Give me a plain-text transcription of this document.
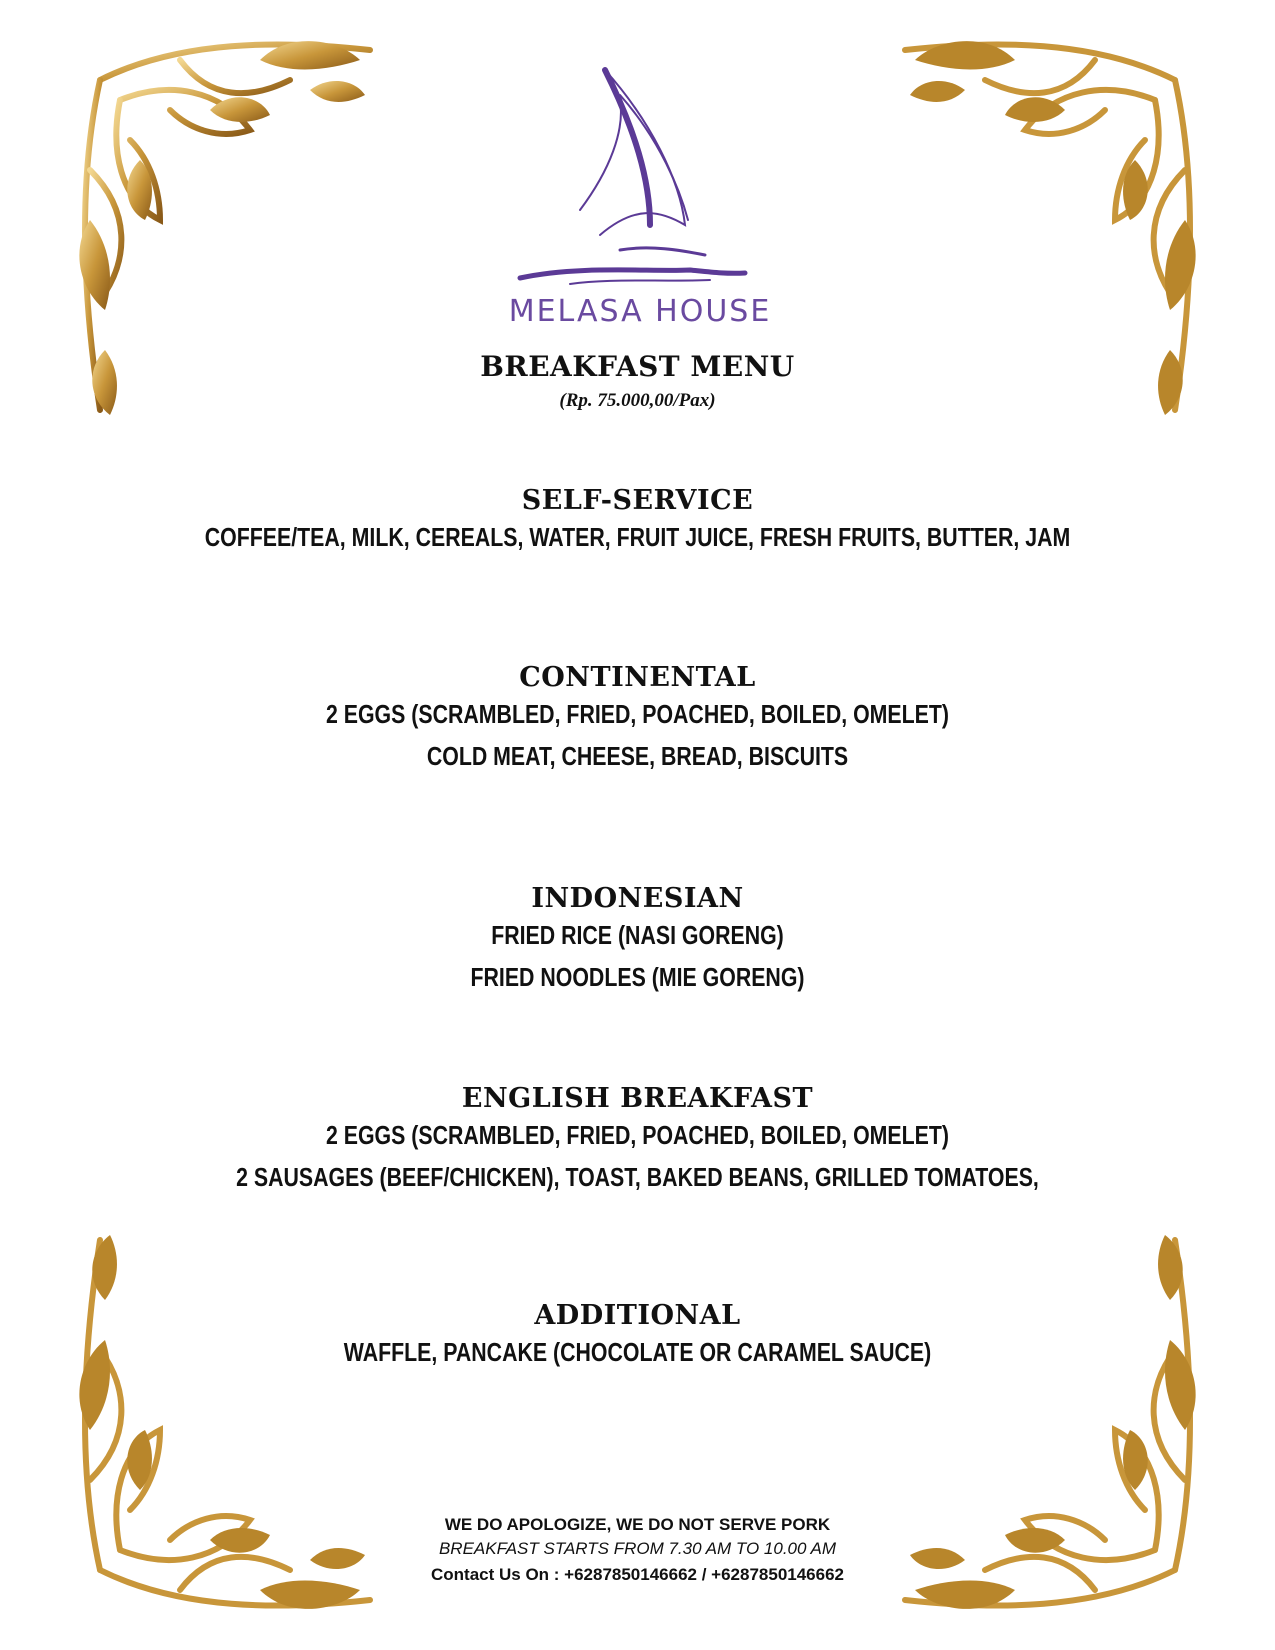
MELASA HOUSE
BREAKFAST MENU
(Rp. 75.000,00/Pax)
SELF-SERVICE
COFFEE/TEA, MILK, CEREALS, WATER, FRUIT JUICE, FRESH FRUITS, BUTTER, JAM
CONTINENTAL
2 EGGS (SCRAMBLED, FRIED, POACHED, BOILED, OMELET)
COLD MEAT, CHEESE, BREAD, BISCUITS
INDONESIAN
FRIED RICE (NASI GORENG)
FRIED NOODLES (MIE GORENG)
ENGLISH BREAKFAST
2 EGGS (SCRAMBLED, FRIED, POACHED, BOILED, OMELET)
2 SAUSAGES (BEEF/CHICKEN), TOAST, BAKED BEANS, GRILLED TOMATOES,
ADDITIONAL
WAFFLE, PANCAKE (CHOCOLATE OR CARAMEL SAUCE)
WE DO APOLOGIZE, WE DO NOT SERVE PORK
BREAKFAST STARTS FROM 7.30 AM TO 10.00 AM
Contact Us On : +6287850146662 / +6287850146662
